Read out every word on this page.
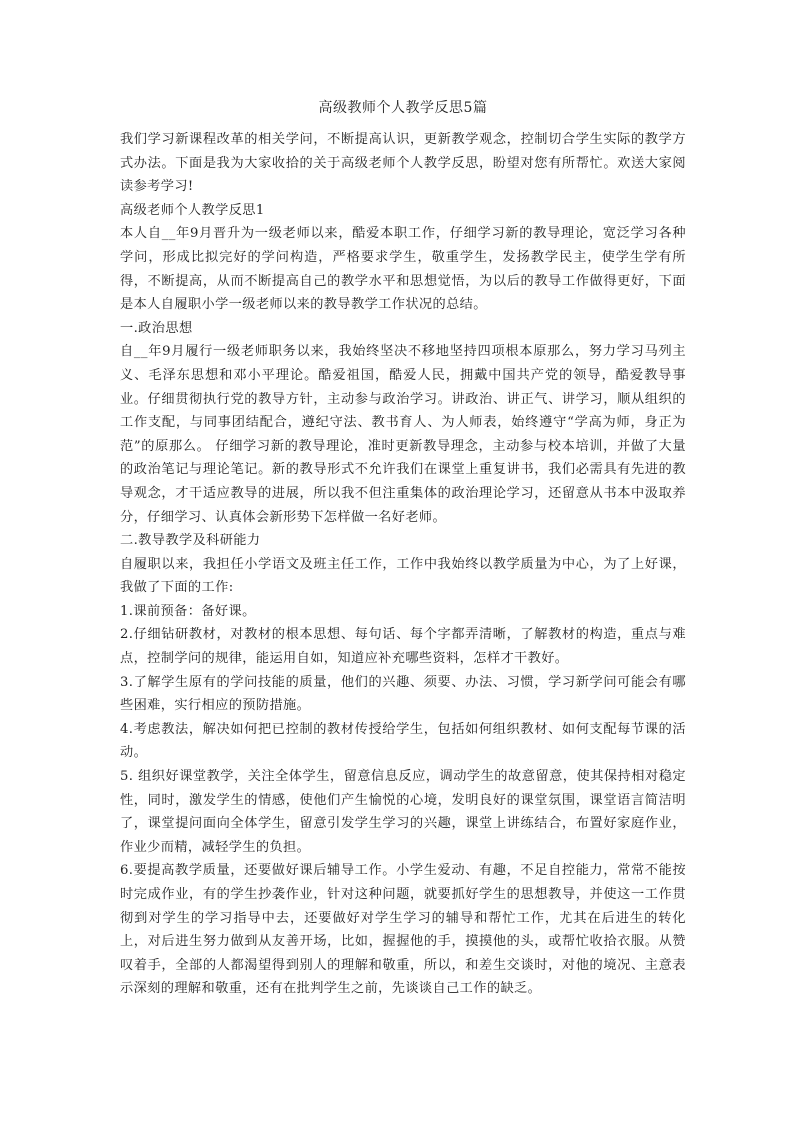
高级教师个人教学反思5篇

我们学习新课程改革的相关学问，不断提高认识，更新教学观念，控制切合学生实际的教学方式办法。下面是我为大家收拾的关于高级老师个人教学反思，盼望对您有所帮忙。欢送大家阅读参考学习!

高级老师个人教学反思1

本人自__年9月晋升为一级老师以来，酷爱本职工作，仔细学习新的教导理论，宽泛学习各种学问，形成比拟完好的学问构造，严格要求学生，敬重学生，发扬教学民主，使学生学有所得，不断提高，从而不断提高自己的教学水平和思想觉悟，为以后的教导工作做得更好，下面是本人自履职小学一级老师以来的教导教学工作状况的总结。

一.政治思想

自__年9月履行一级老师职务以来，我始终坚决不移地坚持四项根本原那么，努力学习马列主义、毛泽东思想和邓小平理论。酷爱祖国，酷爱人民，拥戴中国共产党的领导，酷爱教导事业。仔细贯彻执行党的教导方针，主动参与政治学习。讲政治、讲正气、讲学习，顺从组织的工作支配，与同事团结配合，遵纪守法、教书育人、为人师表，始终遵守“学高为师，身正为范”的原那么。 仔细学习新的教导理论，准时更新教导理念，主动参与校本培训，并做了大量的政治笔记与理论笔记。新的教导形式不允许我们在课堂上重复讲书，我们必需具有先进的教导观念，才干适应教导的进展，所以我不但注重集体的政治理论学习，还留意从书本中汲取养分，仔细学习、认真体会新形势下怎样做一名好老师。

二.教导教学及科研能力

自履职以来，我担任小学语文及班主任工作，工作中我始终以教学质量为中心，为了上好课，我做了下面的工作:

1.课前预备：备好课。

2.仔细钻研教材，对教材的根本思想、每句话、每个字都弄清晰，了解教材的构造，重点与难点，控制学问的规律，能运用自如，知道应补充哪些资料，怎样才干教好。

3.了解学生原有的学问技能的质量，他们的兴趣、须要、办法、习惯，学习新学问可能会有哪些困难，实行相应的预防措施。

4.考虑教法，解决如何把已控制的教材传授给学生，包括如何组织教材、如何支配每节课的活动。

5. 组织好课堂教学，关注全体学生，留意信息反应，调动学生的故意留意，使其保持相对稳定性，同时，激发学生的情感，使他们产生愉悦的心境，发明良好的课堂氛围，课堂语言简洁明了，课堂提问面向全体学生，留意引发学生学习的兴趣，课堂上讲练结合，布置好家庭作业，作业少而精，减轻学生的负担。

6.要提高教学质量，还要做好课后辅导工作。小学生爱动、有趣，不足自控能力，常常不能按时完成作业，有的学生抄袭作业，针对这种问题，就要抓好学生的思想教导，并使这一工作贯彻到对学生的学习指导中去，还要做好对学生学习的辅导和帮忙工作，尤其在后进生的转化上，对后进生努力做到从友善开场，比如，握握他的手，摸摸他的头，或帮忙收拾衣服。从赞叹着手，全部的人都渴望得到别人的理解和敬重，所以，和差生交谈时，对他的境况、主意表示深刻的理解和敬重，还有在批判学生之前，先谈谈自己工作的缺乏。
